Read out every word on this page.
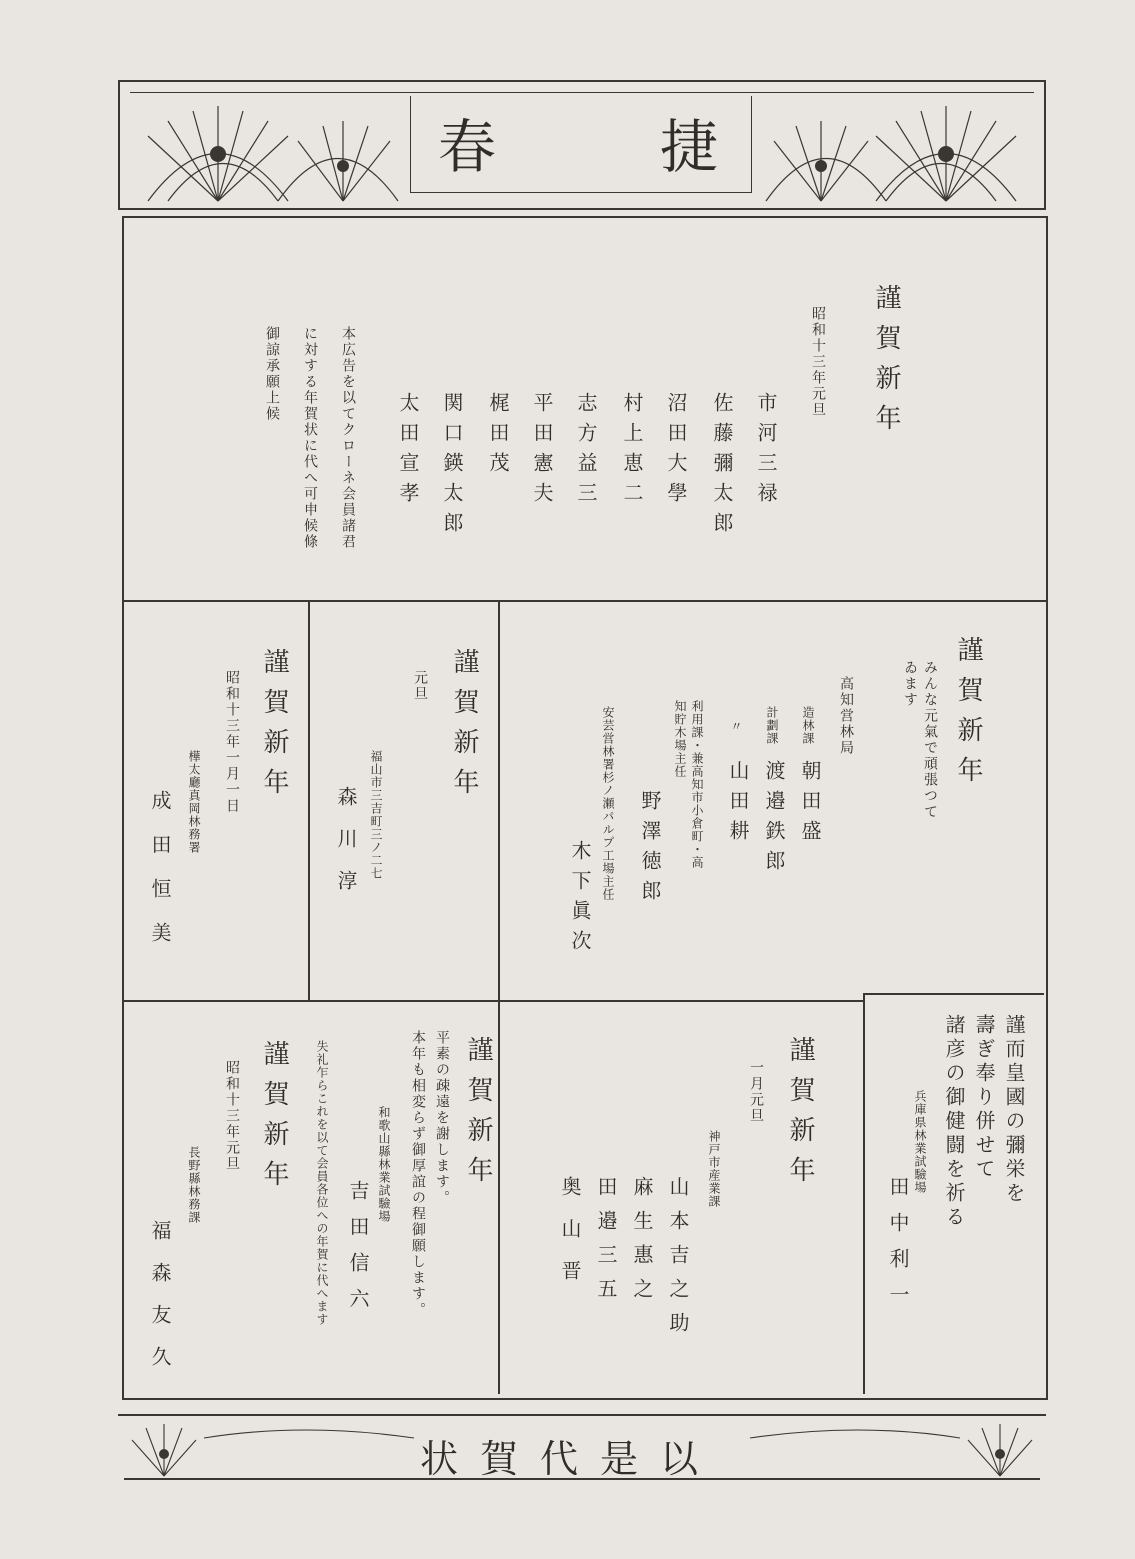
春	捷
謹賀新年
昭和十三年元旦
市河三禄
佐藤彌太郎
沼田大學
村上恵二
志方益三
平田憲夫
梶田茂
関口鍈太郎
太田宣孝
本広告を以てクローネ会員諸君
に対する年賀状に代へ可申候條
御諒承願上候
謹賀新年
みんな元氣で頑張つてゐます
高知営林局
造林課
朝田盛
計劃課
渡邉鉄郎
〃
山田耕
利用課・兼高知市小倉町・高知貯木場主任
野澤徳郎
安芸営林署杉ノ瀬パルプ工場主任
木下眞次
謹賀新年
元旦
福山市三吉町三ノ二七
森川淳
謹賀新年
昭和十三年一月一日
樺太廳真岡林務署
成田恒美
謹而皇國の彌栄を
壽ぎ奉り併せて
諸彦の御健闘を祈る
兵庫県林業試驗場
田中利一
謹賀新年
一月元旦
神戸市産業課
山本吉之助
麻生惠之
田邉三五
奥山晋
謹賀新年
平素の疎遠を謝します。
本年も相変らず御厚誼の程御願します。
和歌山縣林業試驗場
吉田信六
失礼乍らこれを以て会員各位への年賀に代へます
謹賀新年
昭和十三年元旦
長野縣林務課
福森友久
以是代賀状
